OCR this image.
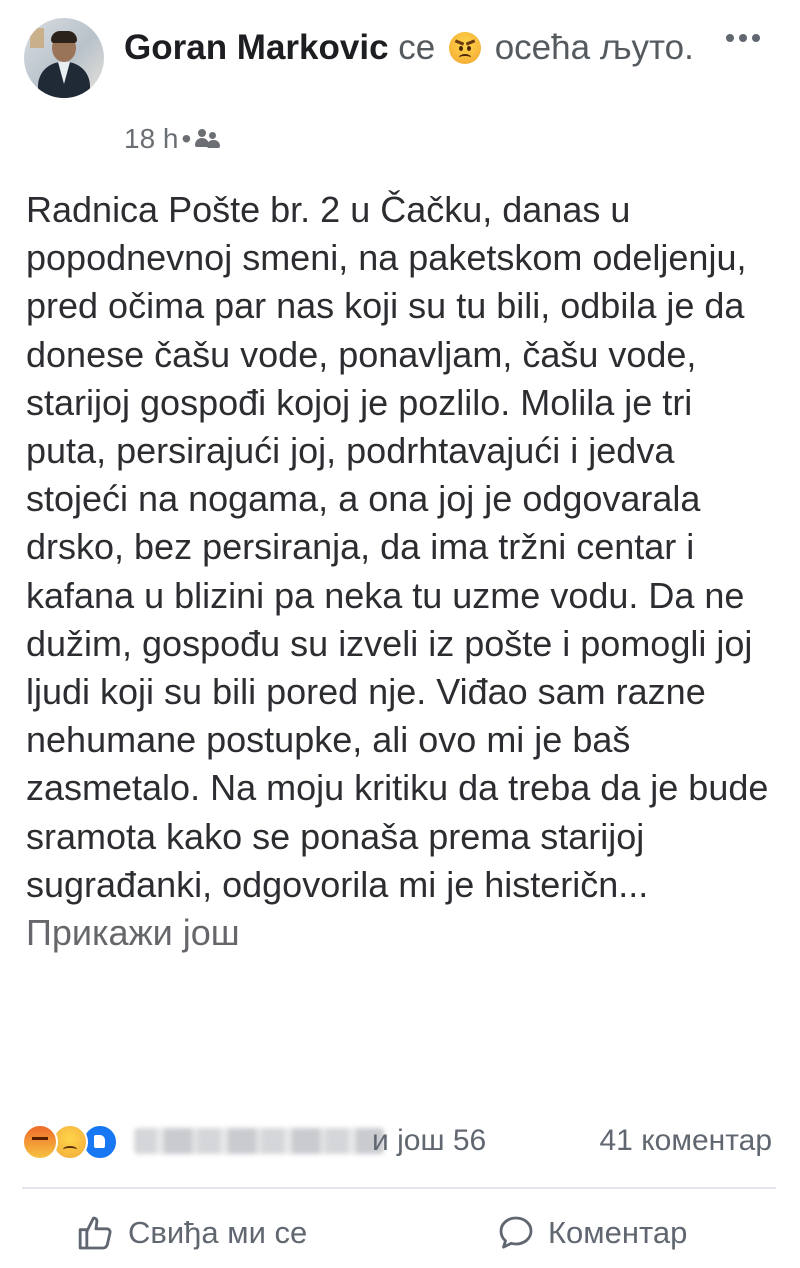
Goran Markovic се осећа љуто.
18 h •

Radnica Pošte br. 2 u Čačku, danas u popodnevnoj smeni, na paketskom odeljenju, pred očima par nas koji su tu bili, odbila je da donese čašu vode, ponavljam, čašu vode, starijoj gospođi kojoj je pozlilo. Molila je tri puta, persirajući joj, podrhtavajući i jedva stojeći na nogama, a ona joj je odgovarala drsko, bez persiranja, da ima tržni centar i kafana u blizini pa neka tu uzme vodu. Da ne dužim, gospođu su izveli iz pošte i pomogli joj ljudi koji su bili pored nje. Viđao sam razne nehumane postupke, ali ovo mi je baš zasmetalo. Na moju kritiku da treba da je bude sramota kako se ponaša prema starijoj sugrađanki, odgovorila mi je histeričn...
Прикажи још

и још 56	41 коментар
Свиђа ми се	Коментар
